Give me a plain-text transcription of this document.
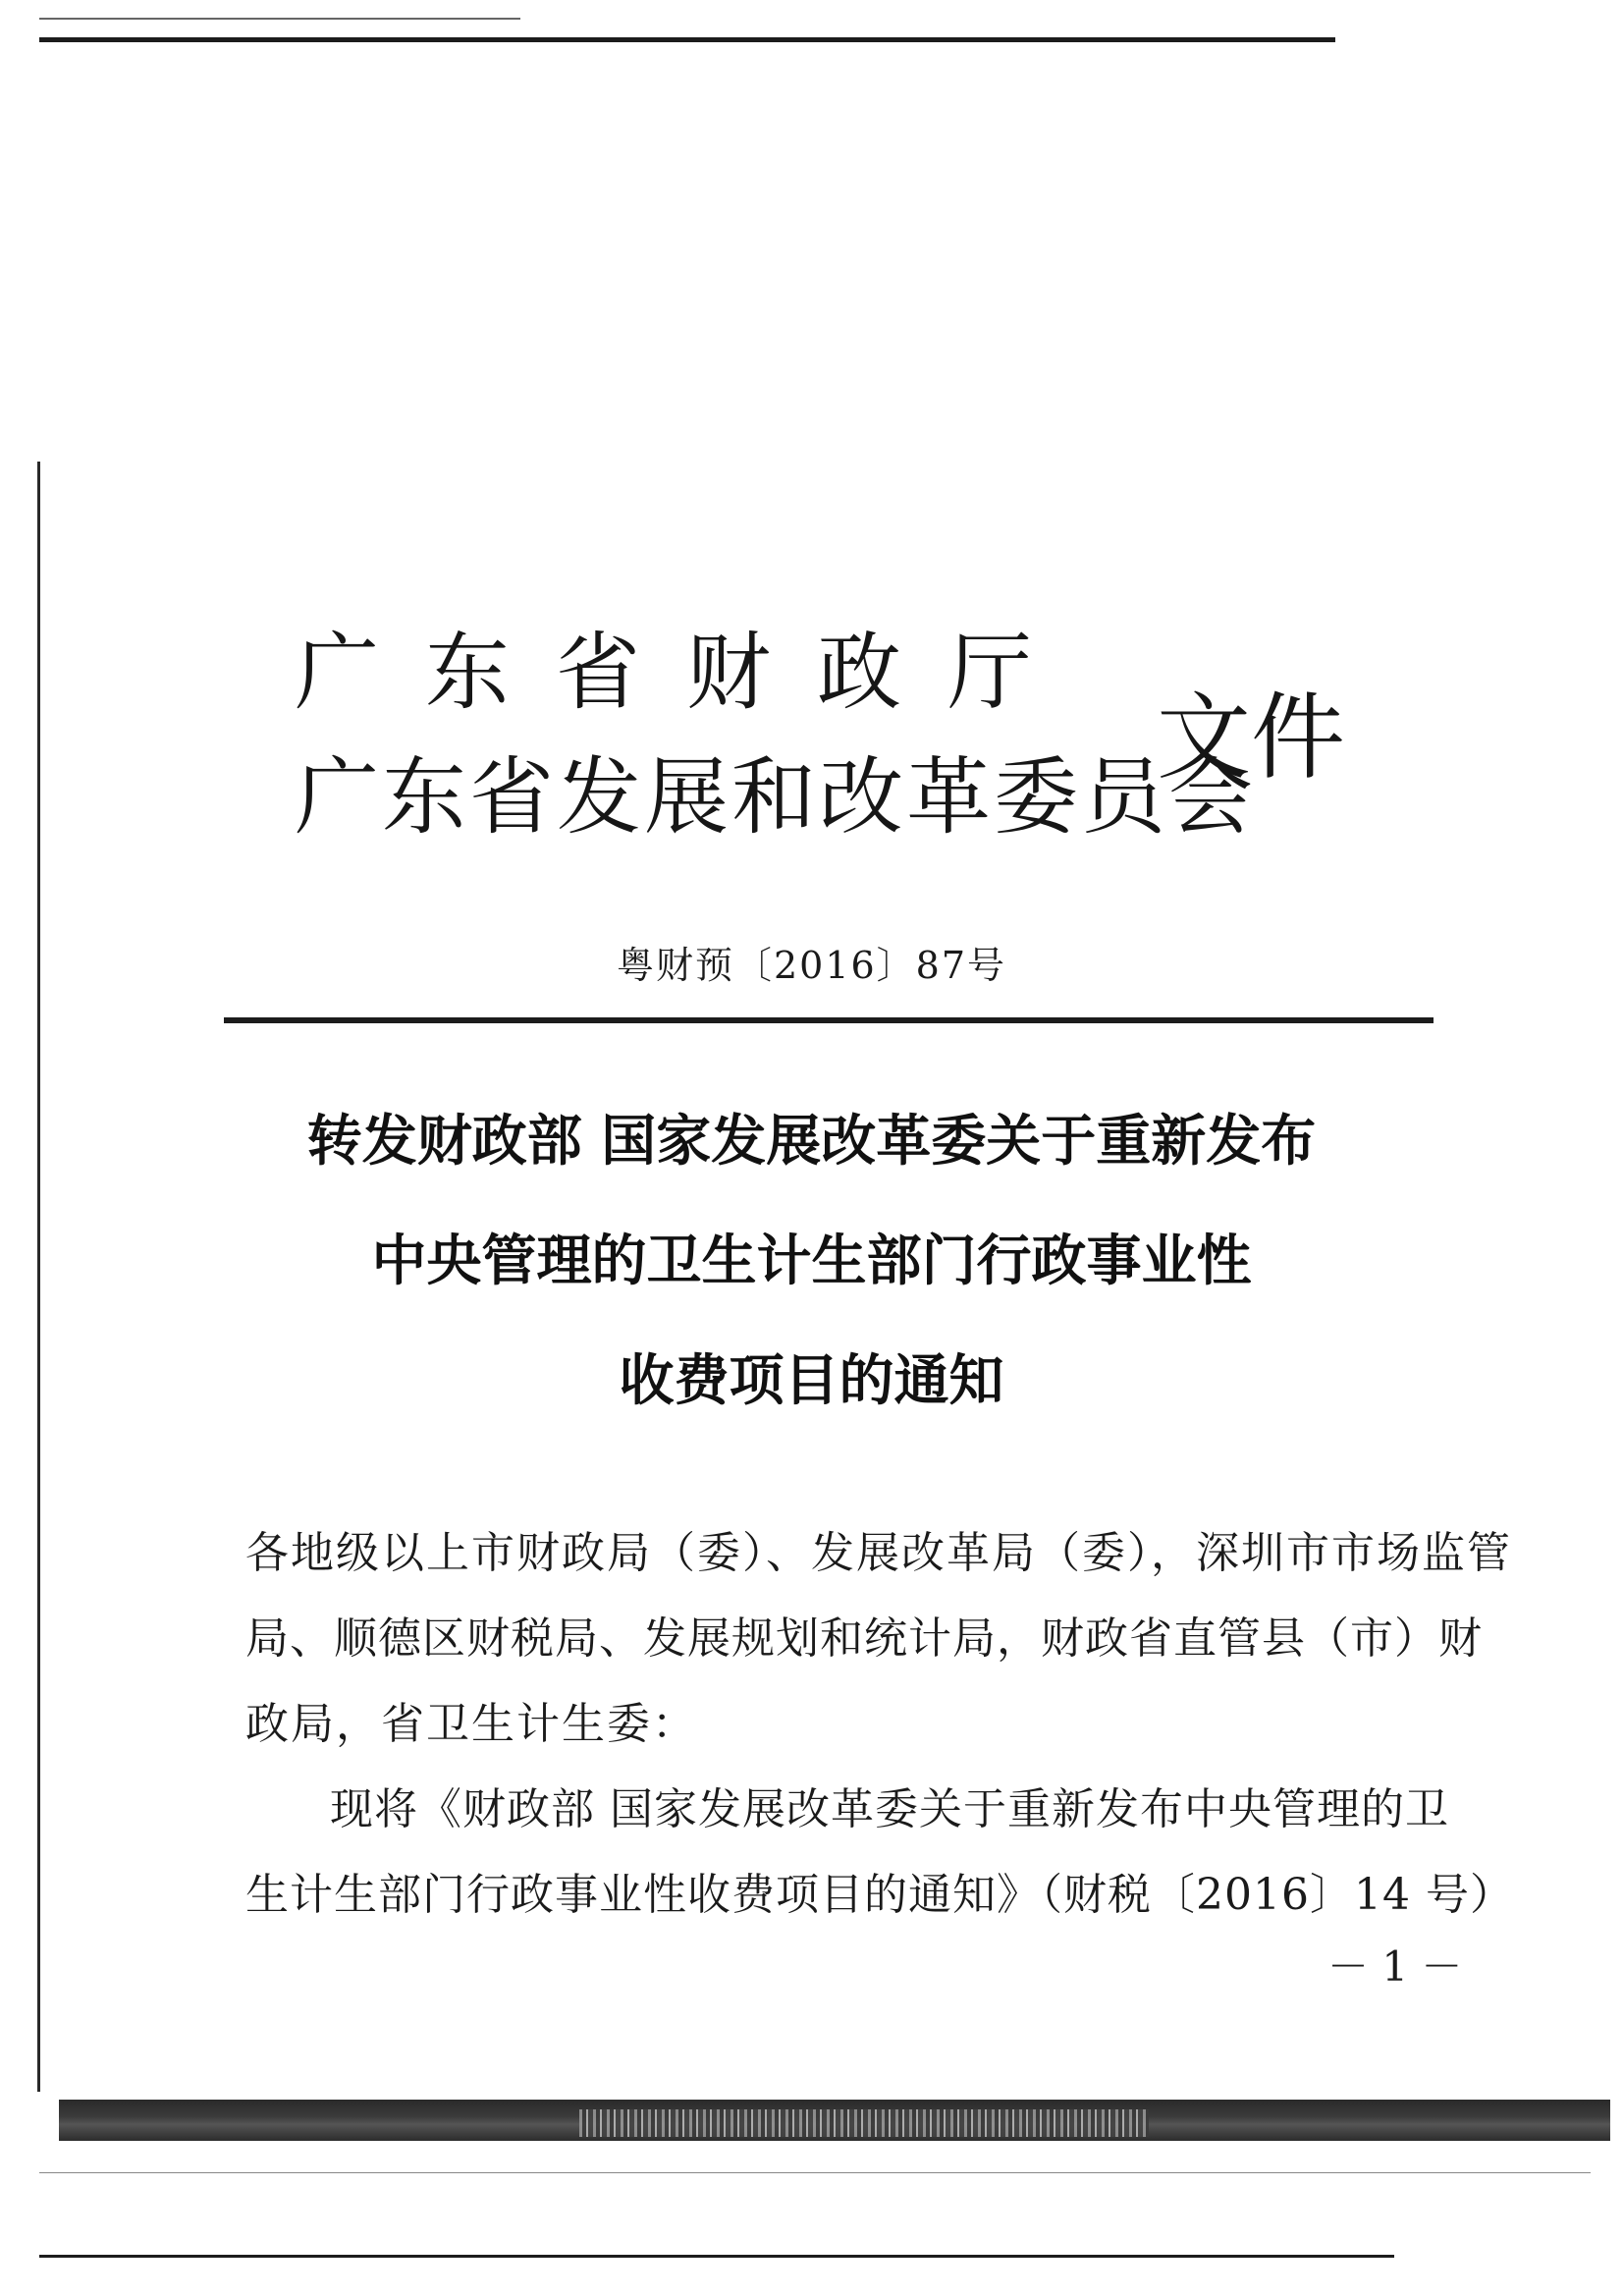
广东省财政厅
广东省发展和改革委员会
文件
粤财预〔2016〕87号
转发财政部 国家发展改革委关于重新发布
中央管理的卫生计生部门行政事业性
收费项目的通知
各地级以上市财政局（委）、发展改革局（委），深圳市市场监管
局、顺德区财税局、发展规划和统计局，财政省直管县（市）财
政局，省卫生计生委：
现将《财政部 国家发展改革委关于重新发布中央管理的卫
生计生部门行政事业性收费项目的通知》（财税〔2016〕14 号）
－ 1 －
